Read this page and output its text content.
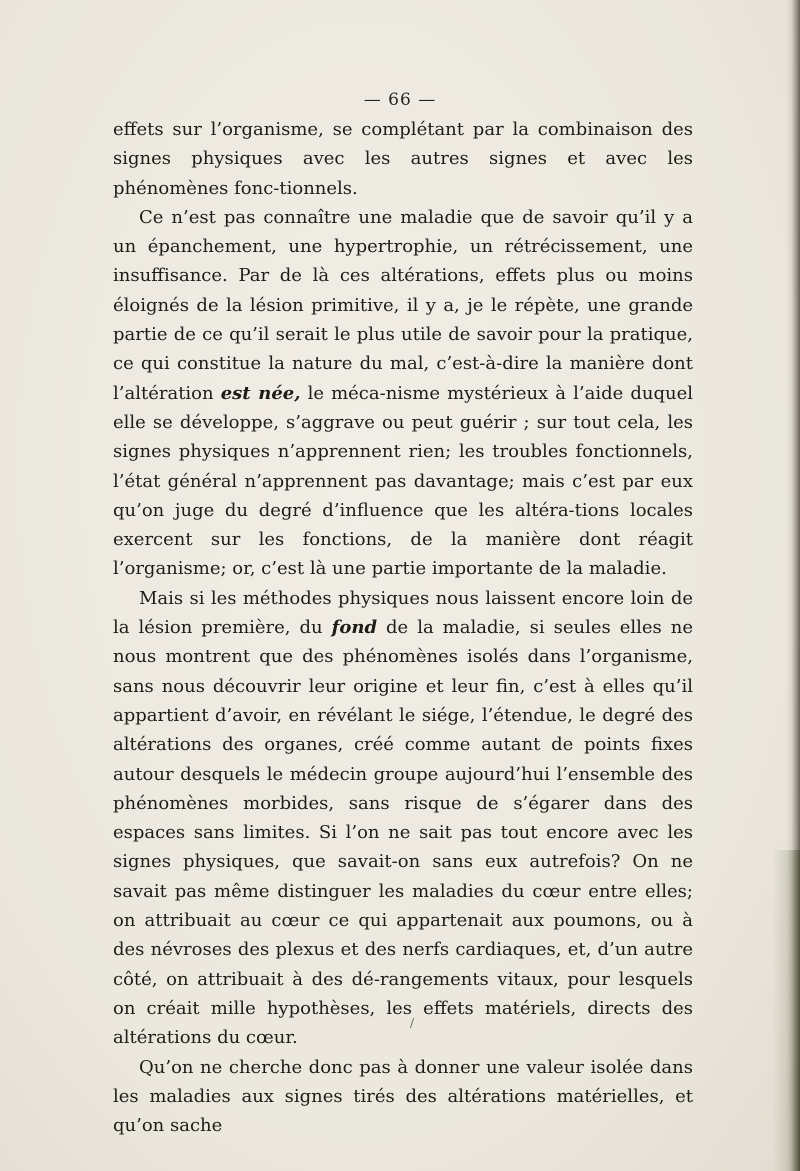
— 66 —

effets sur l’organisme, se complétant par la combinaison des signes physiques avec les autres signes et avec les phénomènes fonc-tionnels.

Ce n’est pas connaître une maladie que de savoir qu’il y a un épanchement, une hypertrophie, un rétrécissement, une insuffisance. Par de là ces altérations, effets plus ou moins éloignés de la lésion primitive, il y a, je le répète, une grande partie de ce qu’il serait le plus utile de savoir pour la pratique, ce qui constitue la nature du mal, c’est-à-dire la manière dont l’altération est née, le méca-nisme mystérieux à l’aide duquel elle se développe, s’aggrave ou peut guérir ; sur tout cela, les signes physiques n’apprennent rien; les troubles fonctionnels, l’état général n’apprennent pas davantage; mais c’est par eux qu’on juge du degré d’influence que les altéra-tions locales exercent sur les fonctions, de la manière dont réagit l’organisme; or, c’est là une partie importante de la maladie.

Mais si les méthodes physiques nous laissent encore loin de la lésion première, du fond de la maladie, si seules elles ne nous montrent que des phénomènes isolés dans l’organisme, sans nous découvrir leur origine et leur fin, c’est à elles qu’il appartient d’avoir, en révélant le siége, l’étendue, le degré des altérations des organes, créé comme autant de points fixes autour desquels le médecin groupe aujourd’hui l’ensemble des phénomènes morbides, sans risque de s’égarer dans des espaces sans limites. Si l’on ne sait pas tout encore avec les signes physiques, que savait-on sans eux autrefois? On ne savait pas même distinguer les maladies du cœur entre elles; on attribuait au cœur ce qui appartenait aux poumons, ou à des névroses des plexus et des nerfs cardiaques, et, d’un autre côté, on attribuait à des dé-rangements vitaux, pour lesquels on créait mille hypothèses, les effets matériels, directs des altérations du cœur.

Qu’on ne cherche donc pas à donner une valeur isolée dans les maladies aux signes tirés des altérations matérielles, et qu’on sache

/
